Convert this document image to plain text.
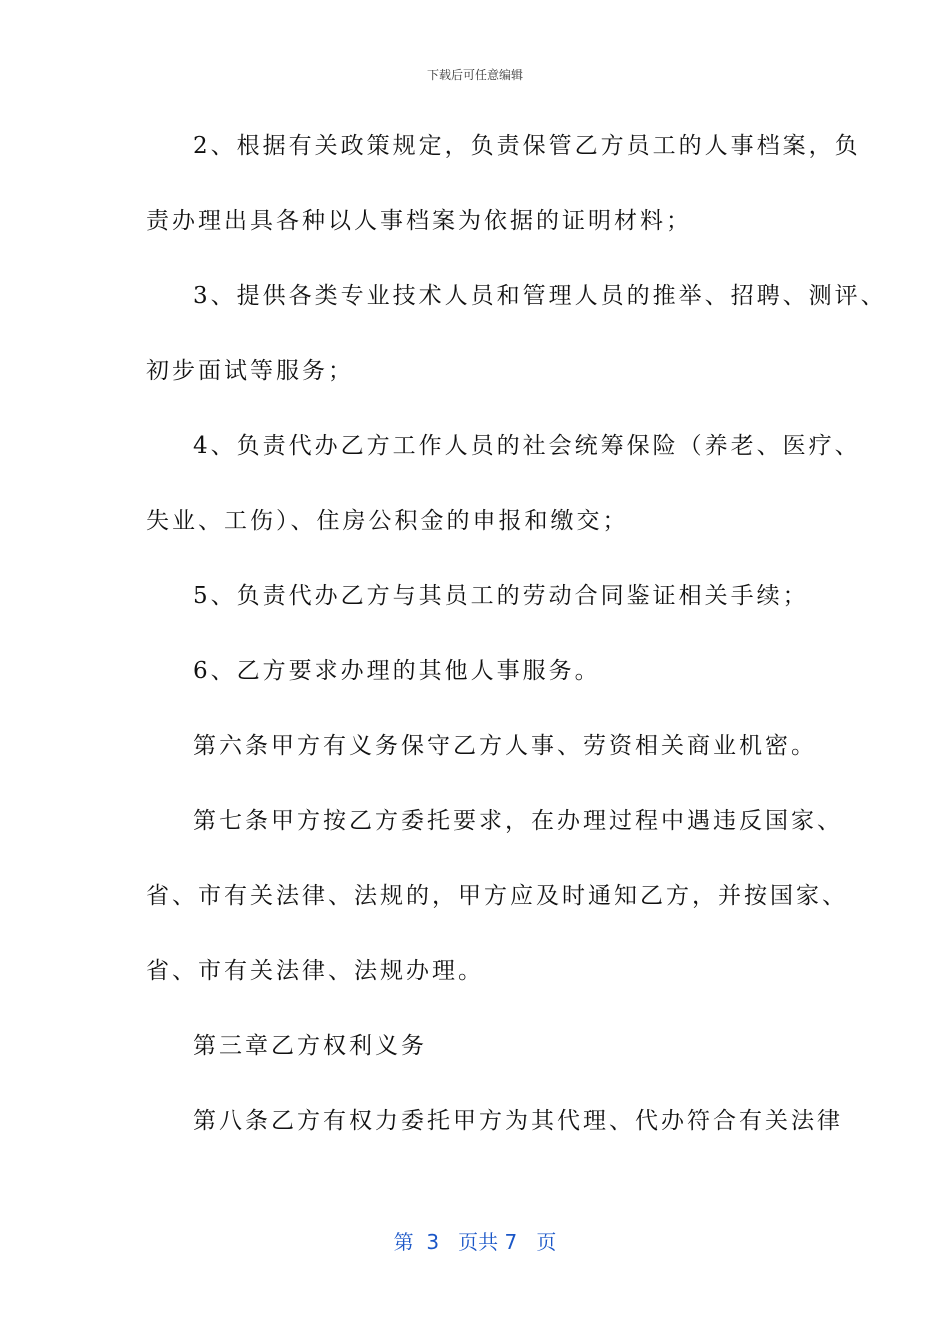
下载后可任意编辑
2、根据有关政策规定，负责保管乙方员工的人事档案，负
责办理出具各种以人事档案为依据的证明材料；
3、提供各类专业技术人员和管理人员的推举、招聘、测评、
初步面试等服务；
4、负责代办乙方工作人员的社会统筹保险（养老、医疗、
失业、工伤）、住房公积金的申报和缴交；
5、负责代办乙方与其员工的劳动合同鉴证相关手续；
6、乙方要求办理的其他人事服务。
第六条甲方有义务保守乙方人事、劳资相关商业机密。
第七条甲方按乙方委托要求，在办理过程中遇违反国家、
省、市有关法律、法规的，甲方应及时通知乙方，并按国家、
省、市有关法律、法规办理。
第三章乙方权利义务
第八条乙方有权力委托甲方为其代理、代办符合有关法律
第  3   页共 7   页
